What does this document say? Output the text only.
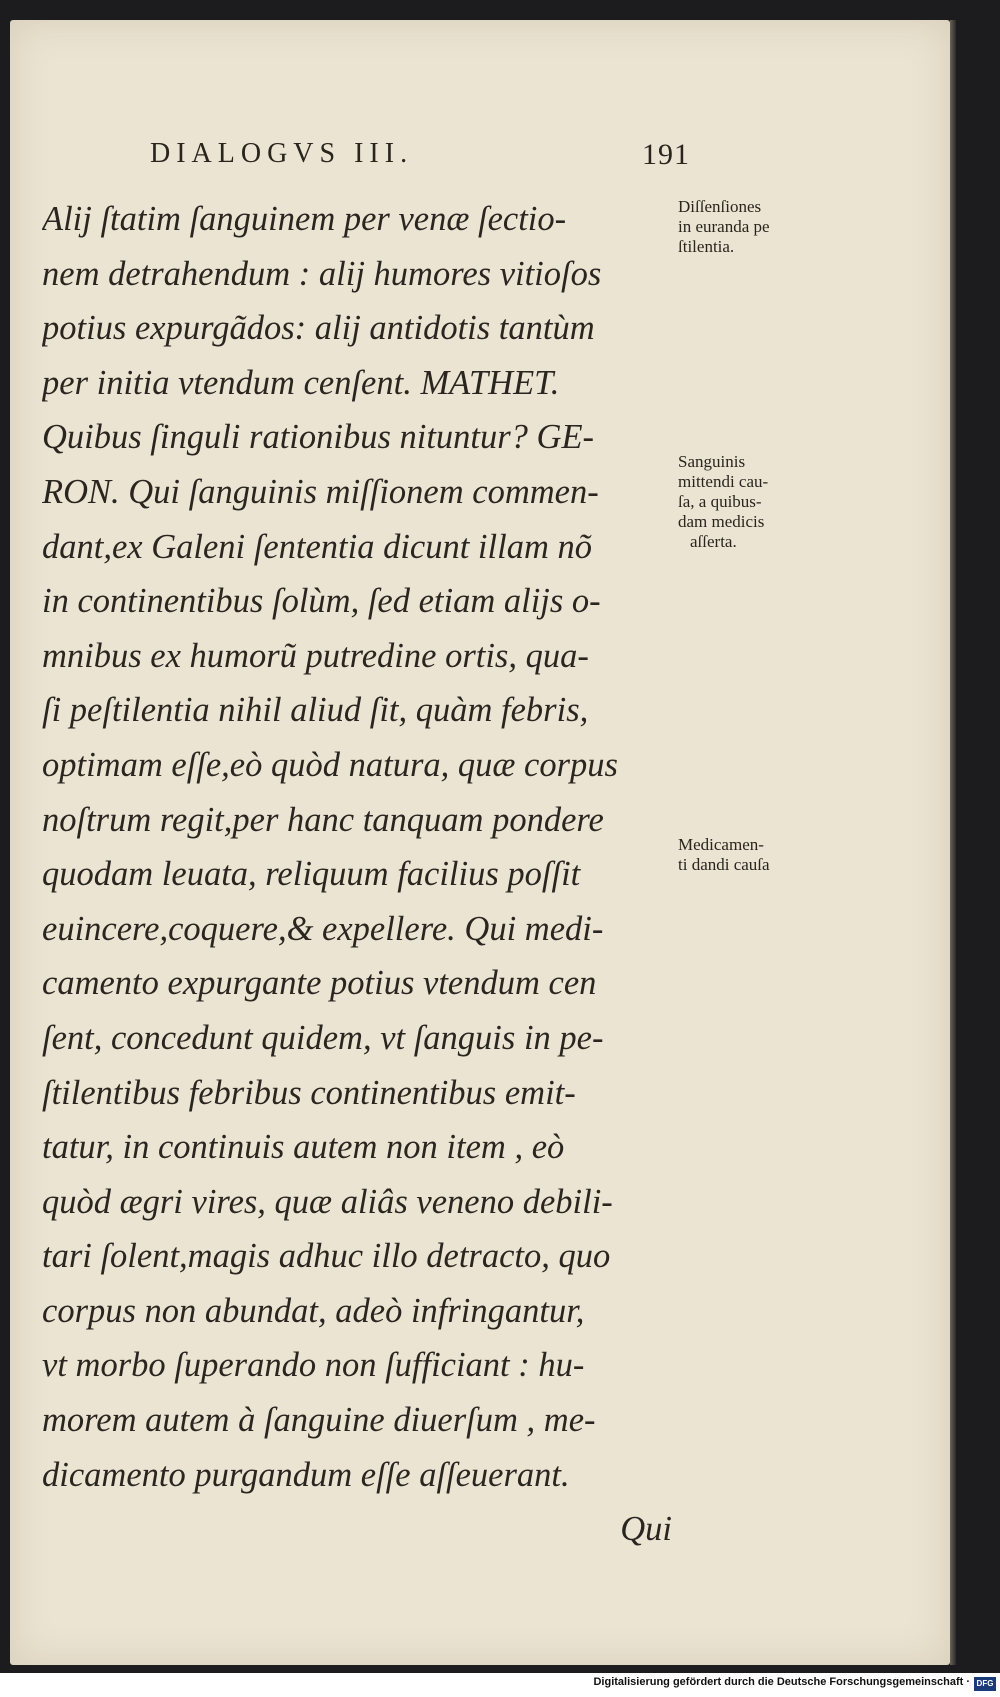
DIALOGVS III.	191
Alij ſtatim ſanguinem per venæ ſectio-
nem detrahendum : alij humores vitioſos
potius expurgãdos: alij antidotis tantùm
per initia vtendum cenſent. MATHET.
Quibus ſinguli rationibus nituntur? GE-
RON. Qui ſanguinis miſſionem commen-
dant,ex Galeni ſententia dicunt illam nõ
in continentibus ſolùm, ſed etiam alijs o-
mnibus ex humorũ putredine ortis, qua-
ſi peſtilentia nihil aliud ſit, quàm febris,
optimam eſſe,eò quòd natura, quæ corpus
noſtrum regit,per hanc tanquam pondere
quodam leuata, reliquum facilius poſſit
euincere,coquere,& expellere. Qui medi-
camento expurgante potius vtendum cen
ſent, concedunt quidem, vt ſanguis in pe-
ſtilentibus febribus continentibus emit-
tatur, in continuis autem non item , eò
quòd ægri vires, quæ aliâs veneno debili-
tari ſolent,magis adhuc illo detracto, quo
corpus non abundat, adeò infringantur,
vt morbo ſuperando non ſufficiant : hu-
morem autem à ſanguine diuerſum , me-
dicamento purgandum eſſe aſſeuerant.
Qui
Diſſenſiones
in euranda pe
ſtilentia.
Sanguinis
mittendi cau-
ſa, a quibus-
dam medicis
aſſerta.
Medicamen-
ti dandi cauſa
Digitalisierung gefördert durch die Deutsche Forschungsgemeinschaft · DFG
